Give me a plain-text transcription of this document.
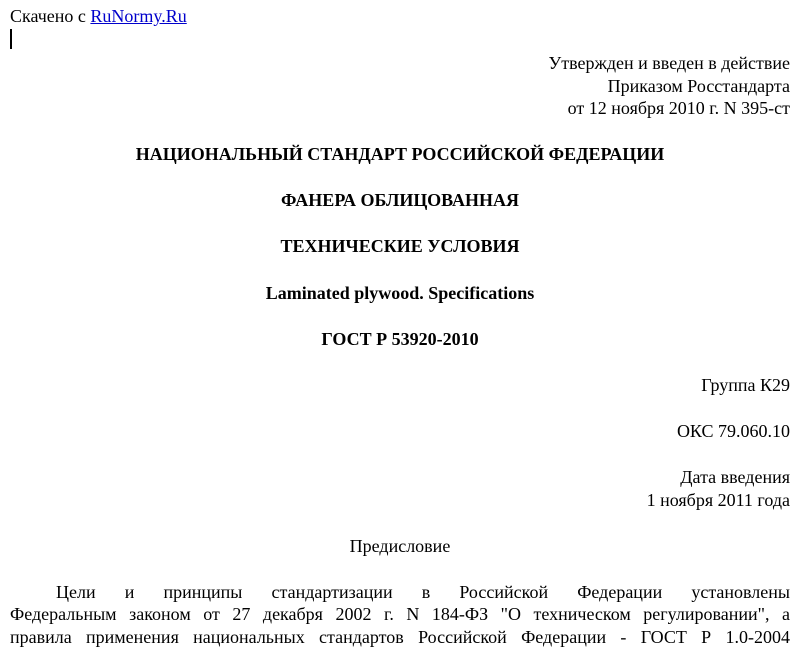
Скачено с RuNormy.Ru
Утвержден и введен в действие
Приказом Росстандарта
от 12 ноября 2010 г. N 395-ст
НАЦИОНАЛЬНЫЙ СТАНДАРТ РОССИЙСКОЙ ФЕДЕРАЦИИ
ФАНЕРА ОБЛИЦОВАННАЯ
ТЕХНИЧЕСКИЕ УСЛОВИЯ
Laminated plywood. Specifications
ГОСТ Р 53920-2010
Группа К29
ОКС 79.060.10
Дата введения
1 ноября 2011 года
Предисловие
Цели и принципы стандартизации в Российской Федерации установлены
Федеральным законом от 27 декабря 2002 г. N 184-ФЗ "О техническом регулировании", а
правила применения национальных стандартов Российской Федерации - ГОСТ Р 1.0-2004
